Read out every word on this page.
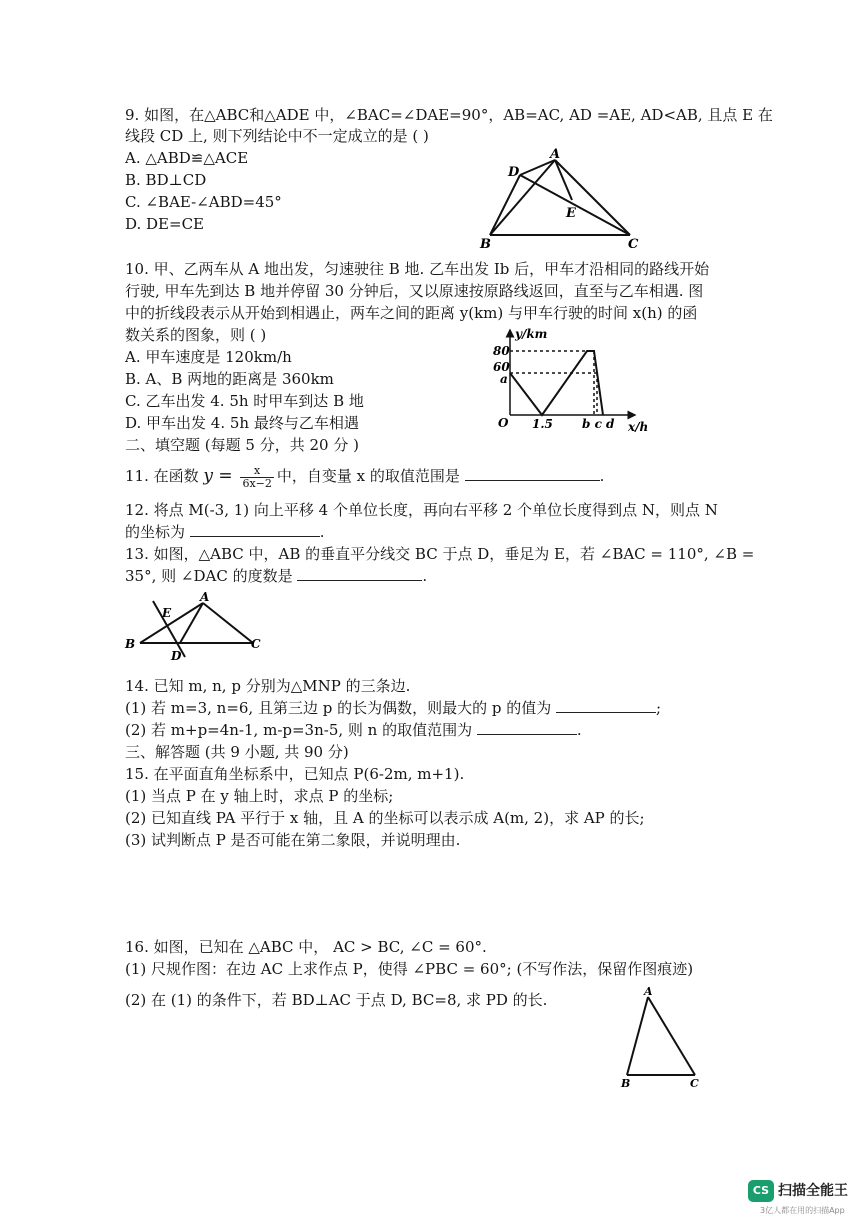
9. 如图，在△ABC和△ADE 中，∠BAC=∠DAE=90°，AB=AC, AD =AE, AD<AB, 且点 E 在
线段 CD 上, 则下列结论中不一定成立的是 ( )
A. △ABD≌△ACE
B. BD⊥CD
C. ∠BAE-∠ABD=45°
D. DE=CE
A
D
E
B	C
10. 甲、乙两车从 A 地出发，匀速驶往 B 地. 乙车出发 Ib 后，甲车才沿相同的路线开始
行驶, 甲车先到达 B 地并停留 30 分钟后，又以原速按原路线返回，直至与乙车相遇. 图
中的折线段表示从开始到相遇止，两车之间的距离 y(km) 与甲车行驶的时间 x(h) 的函
数关系的图象，则 ( )
A. 甲车速度是 120km/h
B. A、B 两地的距离是 360km
C. 乙车出发 4. 5h 时甲车到达 B 地
D. 甲车出发 4. 5h 最终与乙车相遇
y/km
80
60
a
O 1.5 b c d x/h
二、填空题 (每题 5 分，共 20 分 )
11. 在函数 $y = \frac{x}{6x-2}$ 中，自变量 x 的取值范围是	.
12. 将点 M(-3, 1) 向上平移 4 个单位长度，再向右平移 2 个单位长度得到点 N，则点 N
的坐标为	.
13. 如图，△ABC 中，AB 的垂直平分线交 BC 于点 D，垂足为 E，若 ∠BAC = 110°, ∠B =
35°, 则 ∠DAC 的度数是	.
A
E
B
D
C
14. 已知 m, n, p 分别为△MNP 的三条边.
(1) 若 m=3, n=6, 且第三边 p 的长为偶数，则最大的 p 的值为	;
(2) 若 m+p=4n-1, m-p=3n-5, 则 n 的取值范围为	.
三、解答题 (共 9 小题, 共 90 分)
15. 在平面直角坐标系中，已知点 P(6-2m, m+1).
(1) 当点 P 在 y 轴上时，求点 P 的坐标;
(2) 已知直线 PA 平行于 x 轴，且 A 的坐标可以表示成 A(m, 2)，求 AP 的长;
(3) 试判断点 P 是否可能在第二象限，并说明理由.
16. 如图，已知在 △ABC 中， AC > BC, ∠C = 60°.
(1) 尺规作图：在边 AC 上求作点 P，使得 ∠PBC = 60°; (不写作法，保留作图痕迹)
(2) 在 (1) 的条件下，若 BD⊥AC 于点 D, BC=8, 求 PD 的长.	A
B	C
CS 扫描全能王
3亿人都在用的扫描App
